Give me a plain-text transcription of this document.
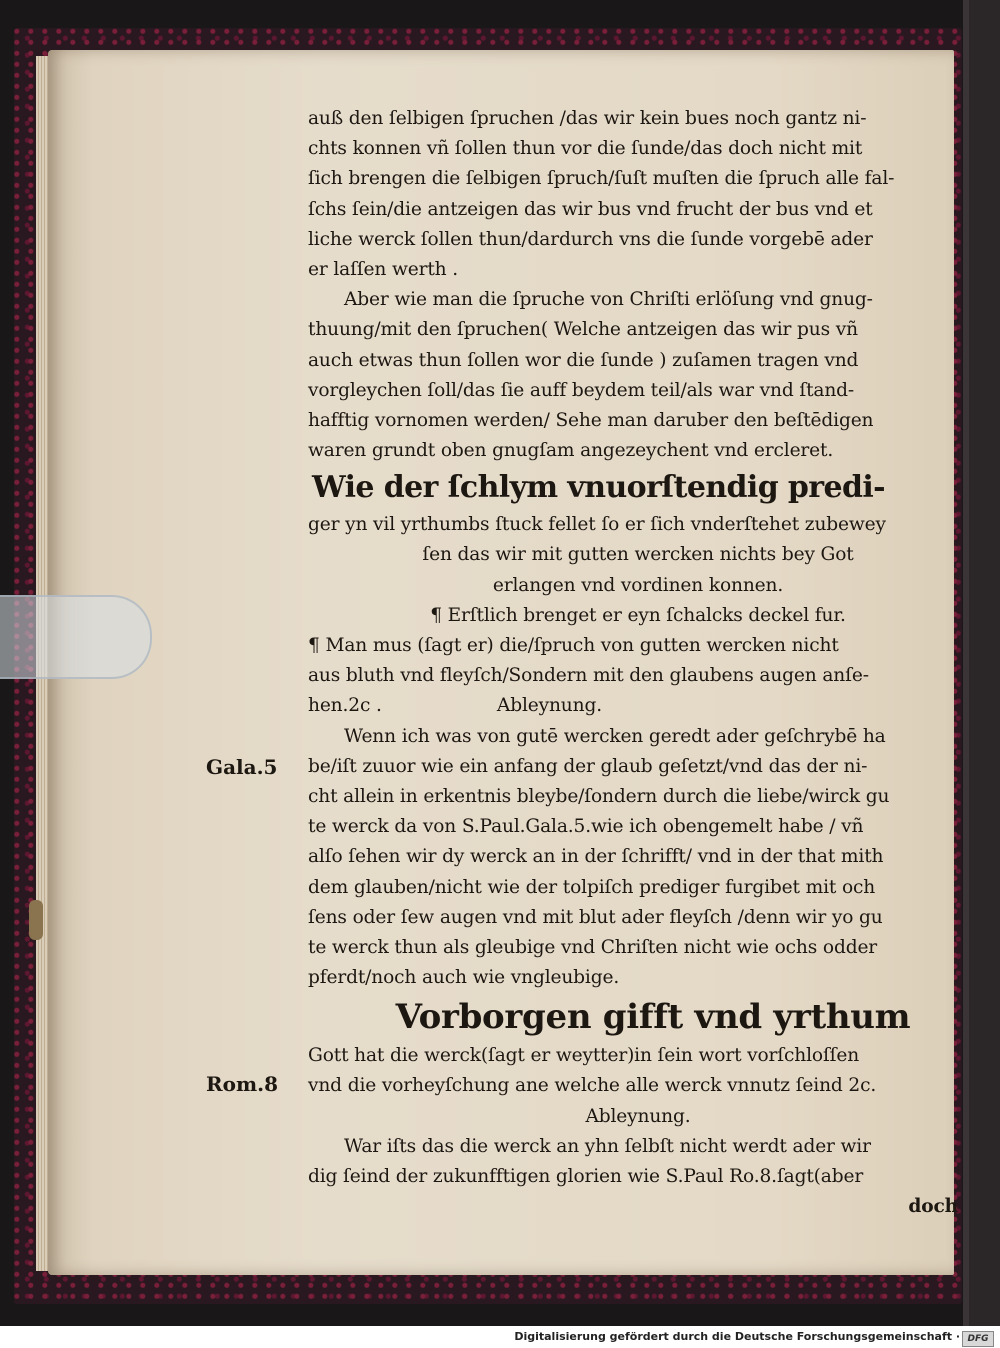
Gala.5
Rom.8
auß den ſelbigen ſpruchen /das wir kein bues noch gantz ni-
chts konnen vñ ſollen thun vor die ſunde/das doch nicht mit
ſich brengen die ſelbigen ſpruch/ſuſt muſten die ſpruch alle fal-
ſchs ſein/die antzeigen das wir bus vnd frucht der bus vnd et
liche werck ſollen thun/dardurch vns die ſunde vorgebē ader
er laſſen werth .
Aber wie man die ſpruche von Chriſti erlöſung vnd gnug-
thuung/mit den ſpruchen( Welche antzeigen das wir pus vñ
auch etwas thun ſollen wor die ſunde ) zuſamen tragen vnd
vorgleychen ſoll/das ſie auff beydem teil/als war vnd ſtand-
hafftig vornomen werden/ Sehe man daruber den beſtēdigen
waren grundt oben gnugſam angezeychent vnd ercleret.
Wie der ſchlym vnuorſtendig predi-
ger yn vil yrthumbs ſtuck fellet ſo er ſich vnderſtehet zubewey
ſen das wir mit gutten wercken nichts bey Got
erlangen vnd vordinen konnen.
¶ Erſtlich brenget er eyn ſchalcks deckel fur.
¶ Man mus (ſagt er) die/ſpruch von gutten wercken nicht
aus bluth vnd fleyſch/Sondern mit den glaubens augen anſe-
hen.2c .                    Ableynung.
Wenn ich was von gutē wercken geredt ader geſchrybē ha
be/iſt zuuor wie ein anfang der glaub geſetzt/vnd das der ni-
cht allein in erkentnis bleybe/ſondern durch die liebe/wirck gu
te werck da von S.Paul.Gala.5.wie ich obengemelt habe / vñ
alſo ſehen wir dy werck an in der ſchrifft/ vnd in der that mith
dem glauben/nicht wie der tolpiſch prediger furgibet mit och
ſens oder ſew augen vnd mit blut ader fleyſch /denn wir yo gu
te werck thun als gleubige vnd Chriſten nicht wie ochs odder
pferdt/noch auch wie vngleubige.
Vorborgen gifft vnd yrthum
Gott hat die werck(ſagt er weytter)in ſein wort vorſchloſſen
vnd die vorheyſchung ane welche alle werck vnnutz ſeind 2c.
Ableynung.
War iſts das die werck an yhn ſelbſt nicht werdt ader wir
dig ſeind der zukunfftigen glorien wie S.Paul Ro.8.ſagt(aber
doch
Digitalisierung gefördert durch die Deutsche Forschungsgemeinschaft · DFG
